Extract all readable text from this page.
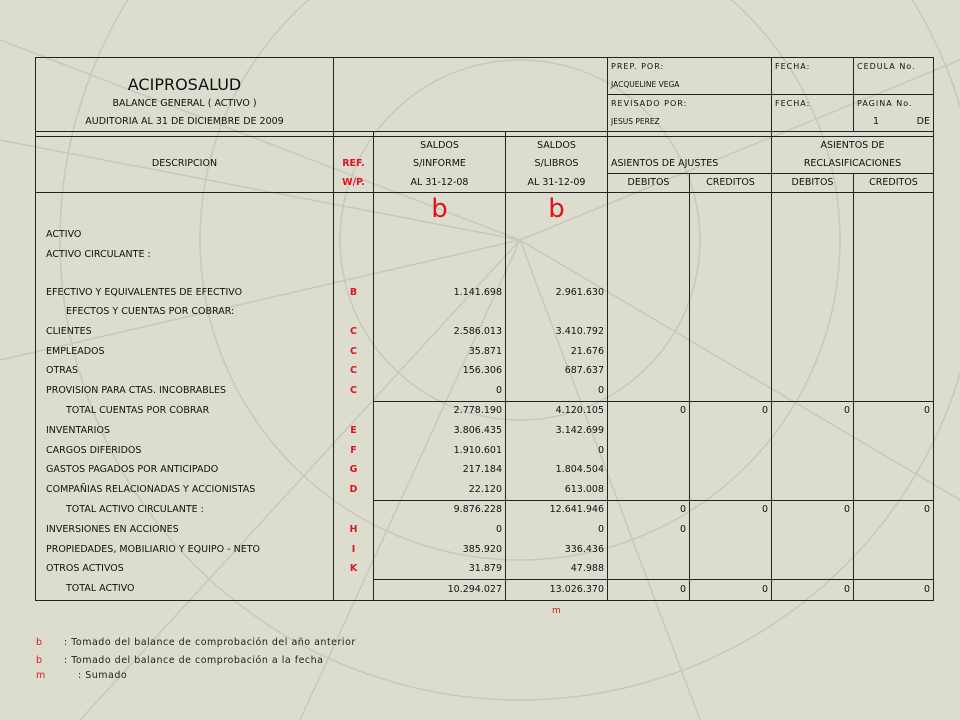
				PREP. POR:		FECHA:	CEDULA No.
ACIPROSALUD				JACQUELINE VEGA			
BALANCE GENERAL ( ACTIVO )				REVISADO POR:		FECHA:	PAGINA No.
AUDITORIA AL 31 DE DICIEMBRE DE 2009				JESUS PEREZ			1 DE

		SALDOS	SALDOS			ASIENTOS DE	
DESCRIPCION	REF.	S/INFORME	S/LIBROS	ASIENTOS DE AJUSTES		RECLASIFICACIONES	
	W/P.	AL 31-12-08	AL 31-12-09	DEBITOS	CREDITOS	DEBITOS	CREDITOS
		b	b				
ACTIVO							
ACTIVO CIRCULANTE :							

EFECTIVO Y EQUIVALENTES DE EFECTIVO	B	1.141.698	2.961.630				
EFECTOS Y CUENTAS POR COBRAR:							
CLIENTES	C	2.586.013	3.410.792				
EMPLEADOS	C	35.871	21.676				
OTRAS	C	156.306	687.637				
PROVISION PARA CTAS. INCOBRABLES	C	0	0				
TOTAL CUENTAS POR COBRAR		2.778.190	4.120.105	0	0	0	0
INVENTARIOS	E	3.806.435	3.142.699				
CARGOS DIFERIDOS	F	1.910.601	0				
GASTOS PAGADOS POR ANTICIPADO	G	217.184	1.804.504				
COMPAÑIAS RELACIONADAS Y ACCIONISTAS	D	22.120	613.008				
TOTAL ACTIVO CIRCULANTE :		9.876.228	12.641.946	0	0	0	0
INVERSIONES EN ACCIONES	H	0	0	0			
PROPIEDADES, MOBILIARIO Y EQUIPO - NETO	I	385.920	336.436				
OTROS ACTIVOS	K	31.879	47.988				
TOTAL ACTIVO		10.294.027	13.026.370	0	0	0	0
m
b : Tomado del balance de comprobación del año anterior
b : Tomado del balance de comprobación a la fecha
m	: Sumado
